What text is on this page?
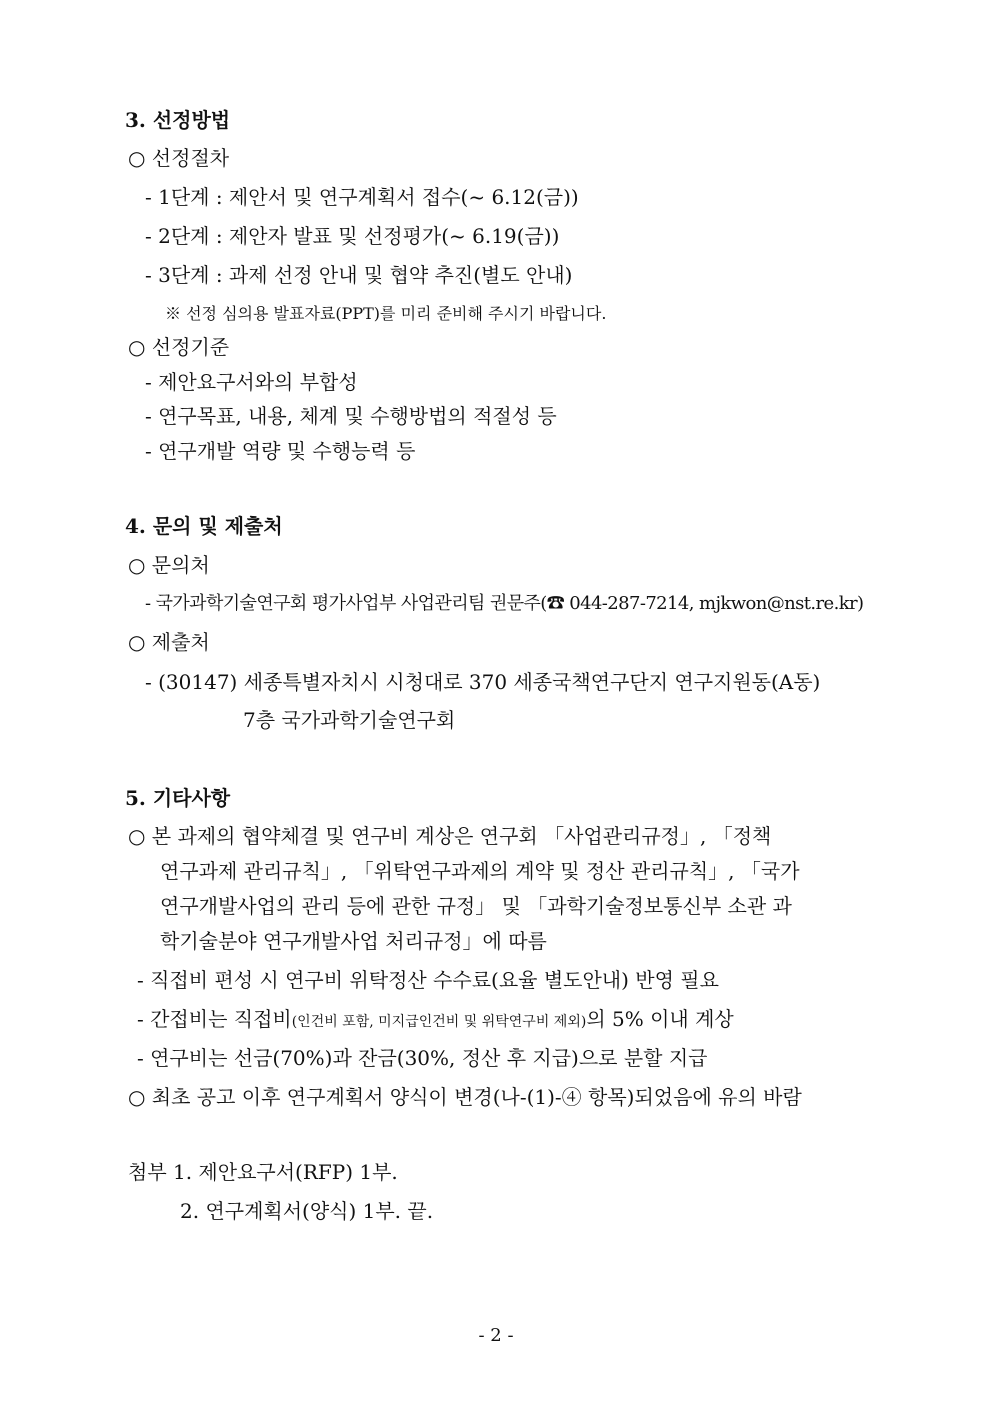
3. 선정방법
○ 선정절차
- 1단계 : 제안서 및 연구계획서 접수(~ 6.12(금))
- 2단계 : 제안자 발표 및 선정평가(~ 6.19(금))
- 3단계 : 과제 선정 안내 및 협약 추진(별도 안내)
※ 선정 심의용 발표자료(PPT)를 미리 준비해 주시기 바랍니다.
○ 선정기준
- 제안요구서와의 부합성
- 연구목표, 내용, 체계 및 수행방법의 적절성 등
- 연구개발 역량 및 수행능력 등
4. 문의 및 제출처
○ 문의처
- 국가과학기술연구회 평가사업부 사업관리팀 권문주(☎ 044-287-7214, mjkwon@nst.re.kr)
○ 제출처
- (30147) 세종특별자치시 시청대로 370 세종국책연구단지 연구지원동(A동)
7층 국가과학기술연구회
5. 기타사항
○ 본 과제의 협약체결 및 연구비 계상은 연구회 「사업관리규정」, 「정책
연구과제 관리규칙」, 「위탁연구과제의 계약 및 정산 관리규칙」, 「국가
연구개발사업의 관리 등에 관한 규정」 및 「과학기술정보통신부 소관 과
학기술분야 연구개발사업 처리규정」에 따름
- 직접비 편성 시 연구비 위탁정산 수수료(요율 별도안내) 반영 필요
- 간접비는 직접비(인건비 포함, 미지급인건비 및 위탁연구비 제외)의 5% 이내 계상
- 연구비는 선금(70%)과 잔금(30%, 정산 후 지급)으로 분할 지급
○ 최초 공고 이후 연구계획서 양식이 변경(나-(1)-④ 항목)되었음에 유의 바람
첨부 1. 제안요구서(RFP) 1부.
2. 연구계획서(양식) 1부. 끝.
- 2 -
